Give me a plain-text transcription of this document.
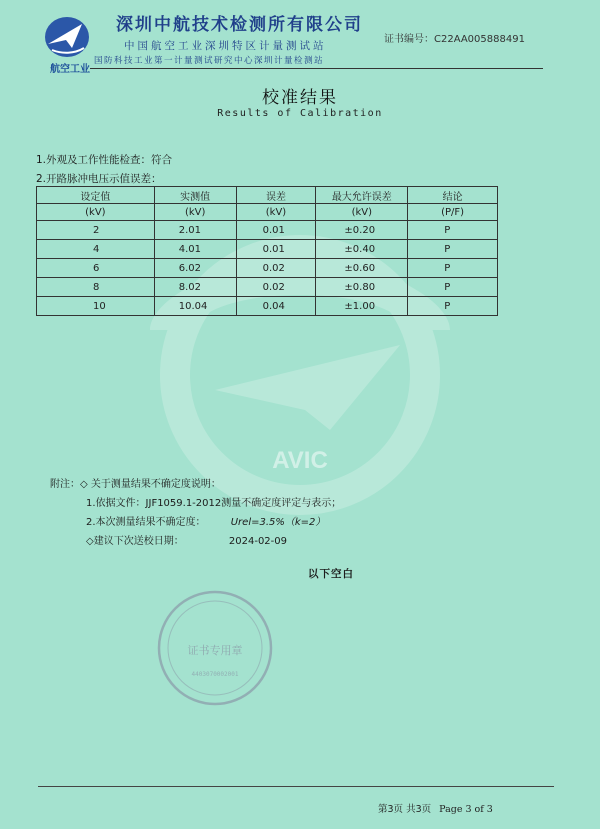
AVIC
航空工业
深圳中航技术检测所有限公司
中国航空工业深圳特区计量测试站
国防科技工业第一计量测试研究中心深圳计量检测站
证书编号：C22AA005888491
校准结果
Results of Calibration
1.外观及工作性能检查：符合
2.开路脉冲电压示值误差：
设定值	实测值	误差	最大允许误差	结论
(kV)	(kV)	(kV)	(kV)	(P/F)
2	2.01	0.01	±0.20	P
4	4.01	0.01	±0.40	P
6	6.02	0.02	±0.60	P
8	8.02	0.02	±0.80	P
10	10.04	0.04	±1.00	P
附注：◇ 关于测量结果不确定度说明：
1.依据文件：JJF1059.1-2012测量不确定度评定与表示；
2.本次测量结果不确定度：	Urel=3.5%（k=2）
◇建议下次送校日期：	2024-02-09
以下空白
证书专用章
4403070002001
第3页 共3页 Page 3 of 3
